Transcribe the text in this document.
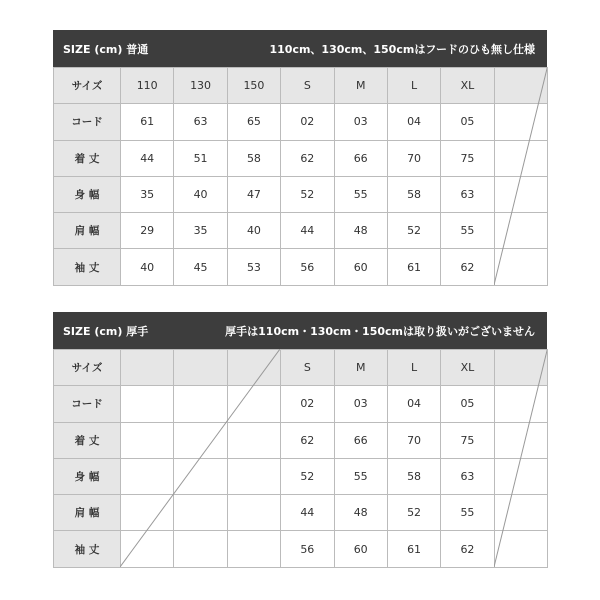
SIZE (cm) 普通	110cm、130cm、150cmはフードのひも無し仕様
サイズ	110	130	150	S	M	L	XL	
コード	61	63	65	02	03	04	05	
着 丈	44	51	58	62	66	70	75	
身 幅	35	40	47	52	55	58	63	
肩 幅	29	35	40	44	48	52	55	
袖 丈	40	45	53	56	60	61	62	
SIZE (cm) 厚手	厚手は110cm・130cm・150cmは取り扱いがございません
サイズ				S	M	L	XL	
コード				02	03	04	05	
着 丈				62	66	70	75	
身 幅				52	55	58	63	
肩 幅				44	48	52	55	
袖 丈				56	60	61	62	
